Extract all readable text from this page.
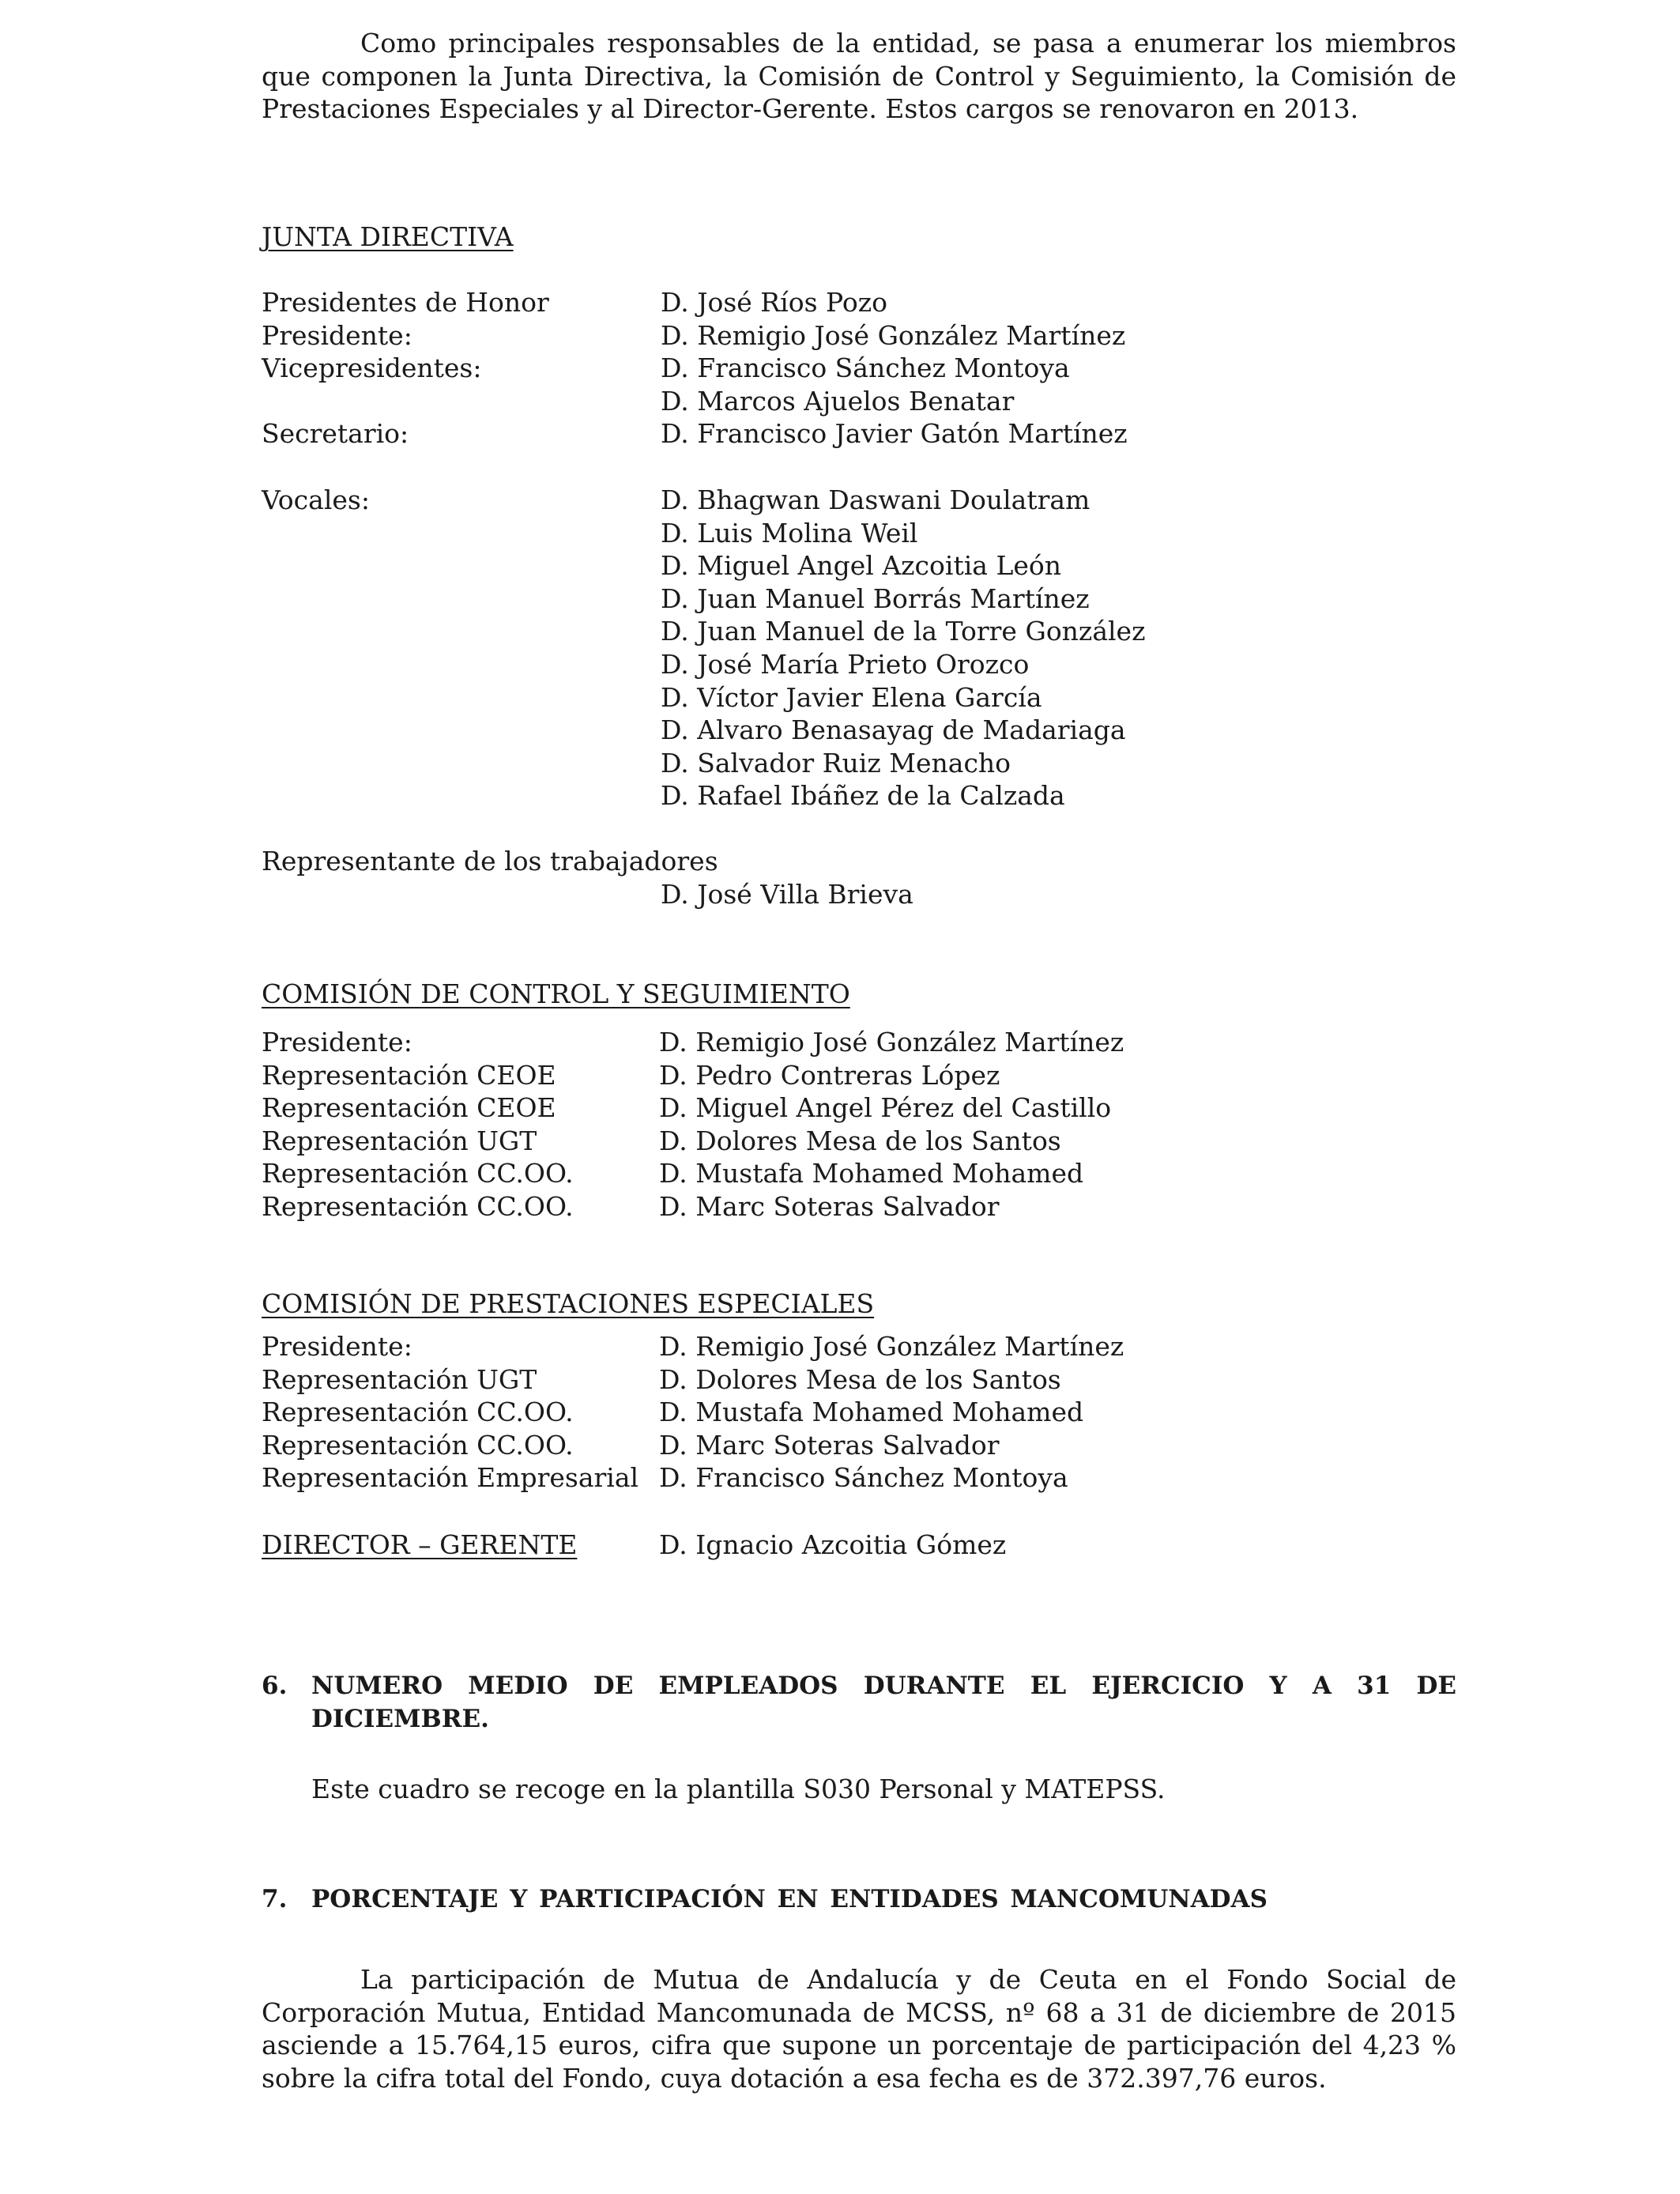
Como principales responsables de la entidad, se pasa a enumerar los miembros que componen la Junta Directiva, la Comisión de Control y Seguimiento, la Comisión de Prestaciones Especiales y al Director-Gerente. Estos cargos se renovaron en 2013.

JUNTA DIRECTIVA

Presidentes de Honor	D. José Ríos Pozo
Presidente:	D. Remigio José González Martínez
Vicepresidentes:	D. Francisco Sánchez Montoya
D. Marcos Ajuelos Benatar
Secretario:	D. Francisco Javier Gatón Martínez
Vocales:	D. Bhagwan Daswani Doulatram
D. Luis Molina Weil
D. Miguel Angel Azcoitia León
D. Juan Manuel Borrás Martínez
D. Juan Manuel de la Torre González
D. José María Prieto Orozco
D. Víctor Javier Elena García
D. Alvaro Benasayag de Madariaga
D. Salvador Ruiz Menacho
D. Rafael Ibáñez de la Calzada
Representante de los trabajadores
D. José Villa Brieva

COMISIÓN DE CONTROL Y SEGUIMIENTO

Presidente:	D. Remigio José González Martínez
Representación CEOE	D. Pedro Contreras López
Representación CEOE	D. Miguel Angel Pérez del Castillo
Representación UGT	D. Dolores Mesa de los Santos
Representación CC.OO.	D. Mustafa Mohamed Mohamed
Representación CC.OO.	D. Marc Soteras Salvador

COMISIÓN DE PRESTACIONES ESPECIALES

Presidente:	D. Remigio José González Martínez
Representación UGT	D. Dolores Mesa de los Santos
Representación CC.OO.	D. Mustafa Mohamed Mohamed
Representación CC.OO.	D. Marc Soteras Salvador
Representación Empresarial D. Francisco Sánchez Montoya
DIRECTOR – GERENTE	D. Ignacio Azcoitia Gómez
6. NUMERO MEDIO DE EMPLEADOS DURANTE EL EJERCICIO Y A 31 DE DICIEMBRE.

Este cuadro se recoge en la plantilla S030 Personal y MATEPSS.

7. PORCENTAJE Y PARTICIPACIÓN EN ENTIDADES MANCOMUNADAS

La participación de Mutua de Andalucía y de Ceuta en el Fondo Social de Corporación Mutua, Entidad Mancomunada de MCSS, nº 68 a 31 de diciembre de 2015 asciende a 15.764,15 euros, cifra que supone un porcentaje de participación del 4,23 % sobre la cifra total del Fondo, cuya dotación a esa fecha es de 372.397,76 euros.
